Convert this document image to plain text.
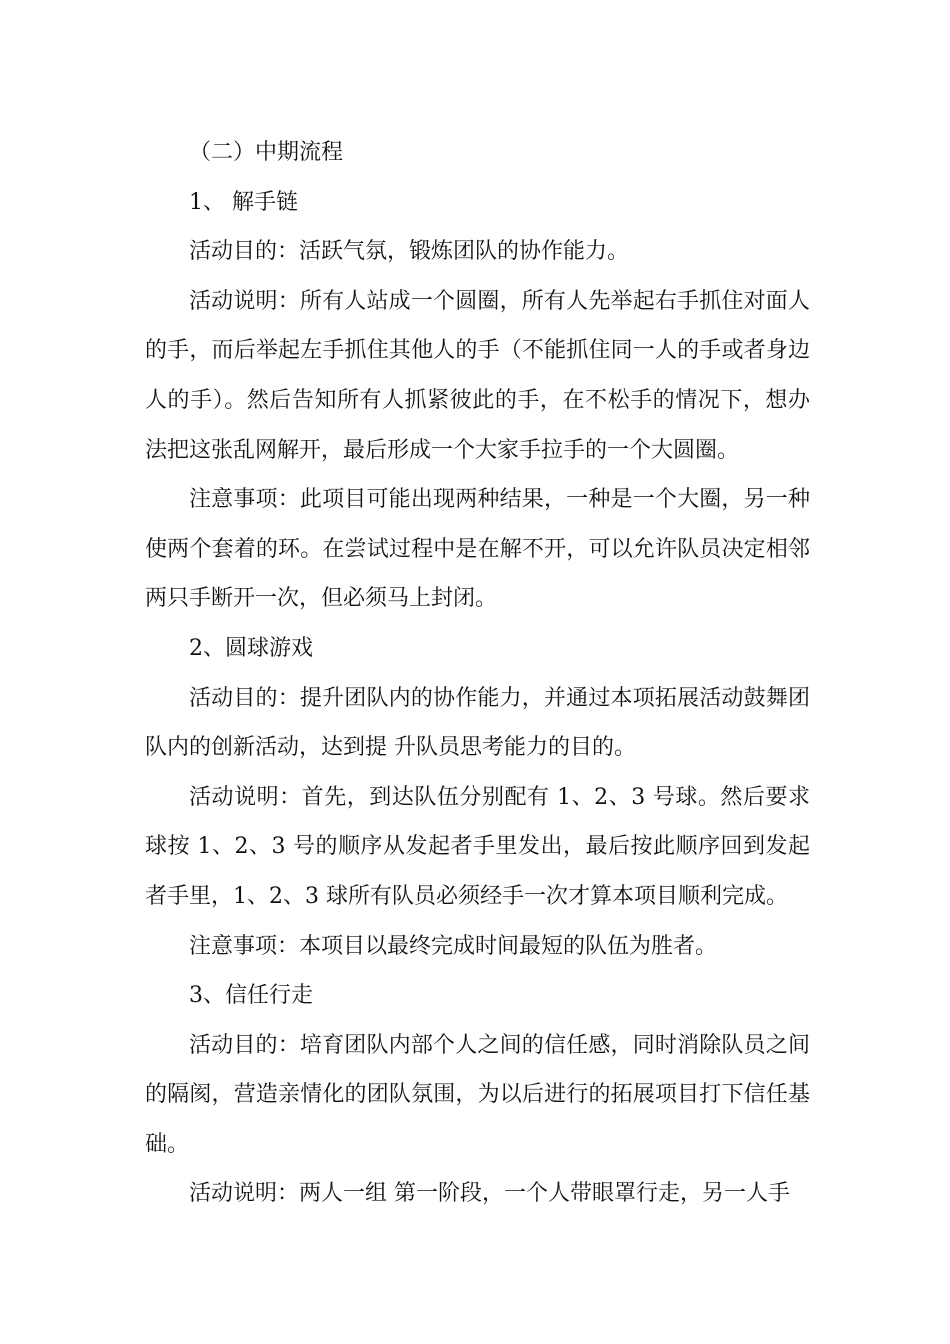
（二）中期流程

1、 解手链

活动目的：活跃气氛，锻炼团队的协作能力。

活动说明：所有人站成一个圆圈，所有人先举起右手抓住对面人的手，而后举起左手抓住其他人的手（不能抓住同一人的手或者身边人的手）。然后告知所有人抓紧彼此的手，在不松手的情况下，想办法把这张乱网解开，最后形成一个大家手拉手的一个大圆圈。

注意事项：此项目可能出现两种结果，一种是一个大圈，另一种使两个套着的环。在尝试过程中是在解不开，可以允许队员决定相邻两只手断开一次，但必须马上封闭。

2、圆球游戏

活动目的：提升团队内的协作能力，并通过本项拓展活动鼓舞团队内的创新活动，达到提 升队员思考能力的目的。

活动说明：首先，到达队伍分别配有 1、2、3 号球。然后要求球按 1、2、3 号的顺序从发起者手里发出，最后按此顺序回到发起者手里，1、2、3 球所有队员必须经手一次才算本项目顺利完成。

注意事项：本项目以最终完成时间最短的队伍为胜者。

3、信任行走

活动目的：培育团队内部个人之间的信任感，同时消除队员之间的隔阂，营造亲情化的团队氛围，为以后进行的拓展项目打下信任基础。

活动说明：两人一组 第一阶段，一个人带眼罩行走，另一人手
